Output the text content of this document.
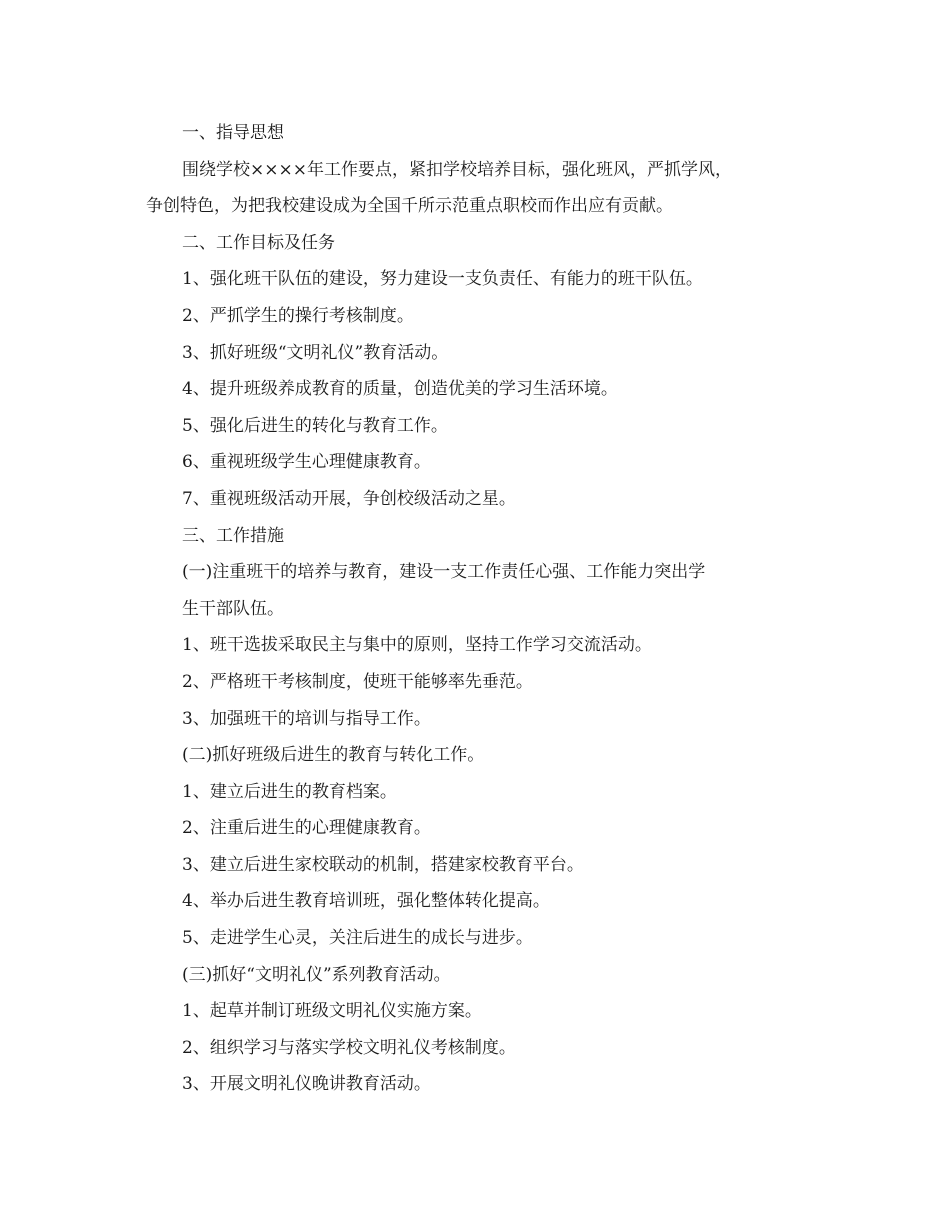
一、指导思想

围绕学校××××年工作要点，紧扣学校培养目标，强化班风，严抓学风，

争创特色，为把我校建设成为全国千所示范重点职校而作出应有贡献。

二、工作目标及任务

1、强化班干队伍的建设，努力建设一支负责任、有能力的班干队伍。

2、严抓学生的操行考核制度。

3、抓好班级“文明礼仪”教育活动。

4、提升班级养成教育的质量，创造优美的学习生活环境。

5、强化后进生的转化与教育工作。

6、重视班级学生心理健康教育。

7、重视班级活动开展，争创校级活动之星。

三、工作措施

(一)注重班干的培养与教育，建设一支工作责任心强、工作能力突出学

生干部队伍。

1、班干选拔采取民主与集中的原则，坚持工作学习交流活动。

2、严格班干考核制度，使班干能够率先垂范。

3、加强班干的培训与指导工作。

(二)抓好班级后进生的教育与转化工作。

1、建立后进生的教育档案。

2、注重后进生的心理健康教育。

3、建立后进生家校联动的机制，搭建家校教育平台。

4、举办后进生教育培训班，强化整体转化提高。

5、走进学生心灵，关注后进生的成长与进步。

(三)抓好“文明礼仪”系列教育活动。

1、起草并制订班级文明礼仪实施方案。

2、组织学习与落实学校文明礼仪考核制度。

3、开展文明礼仪晚讲教育活动。
